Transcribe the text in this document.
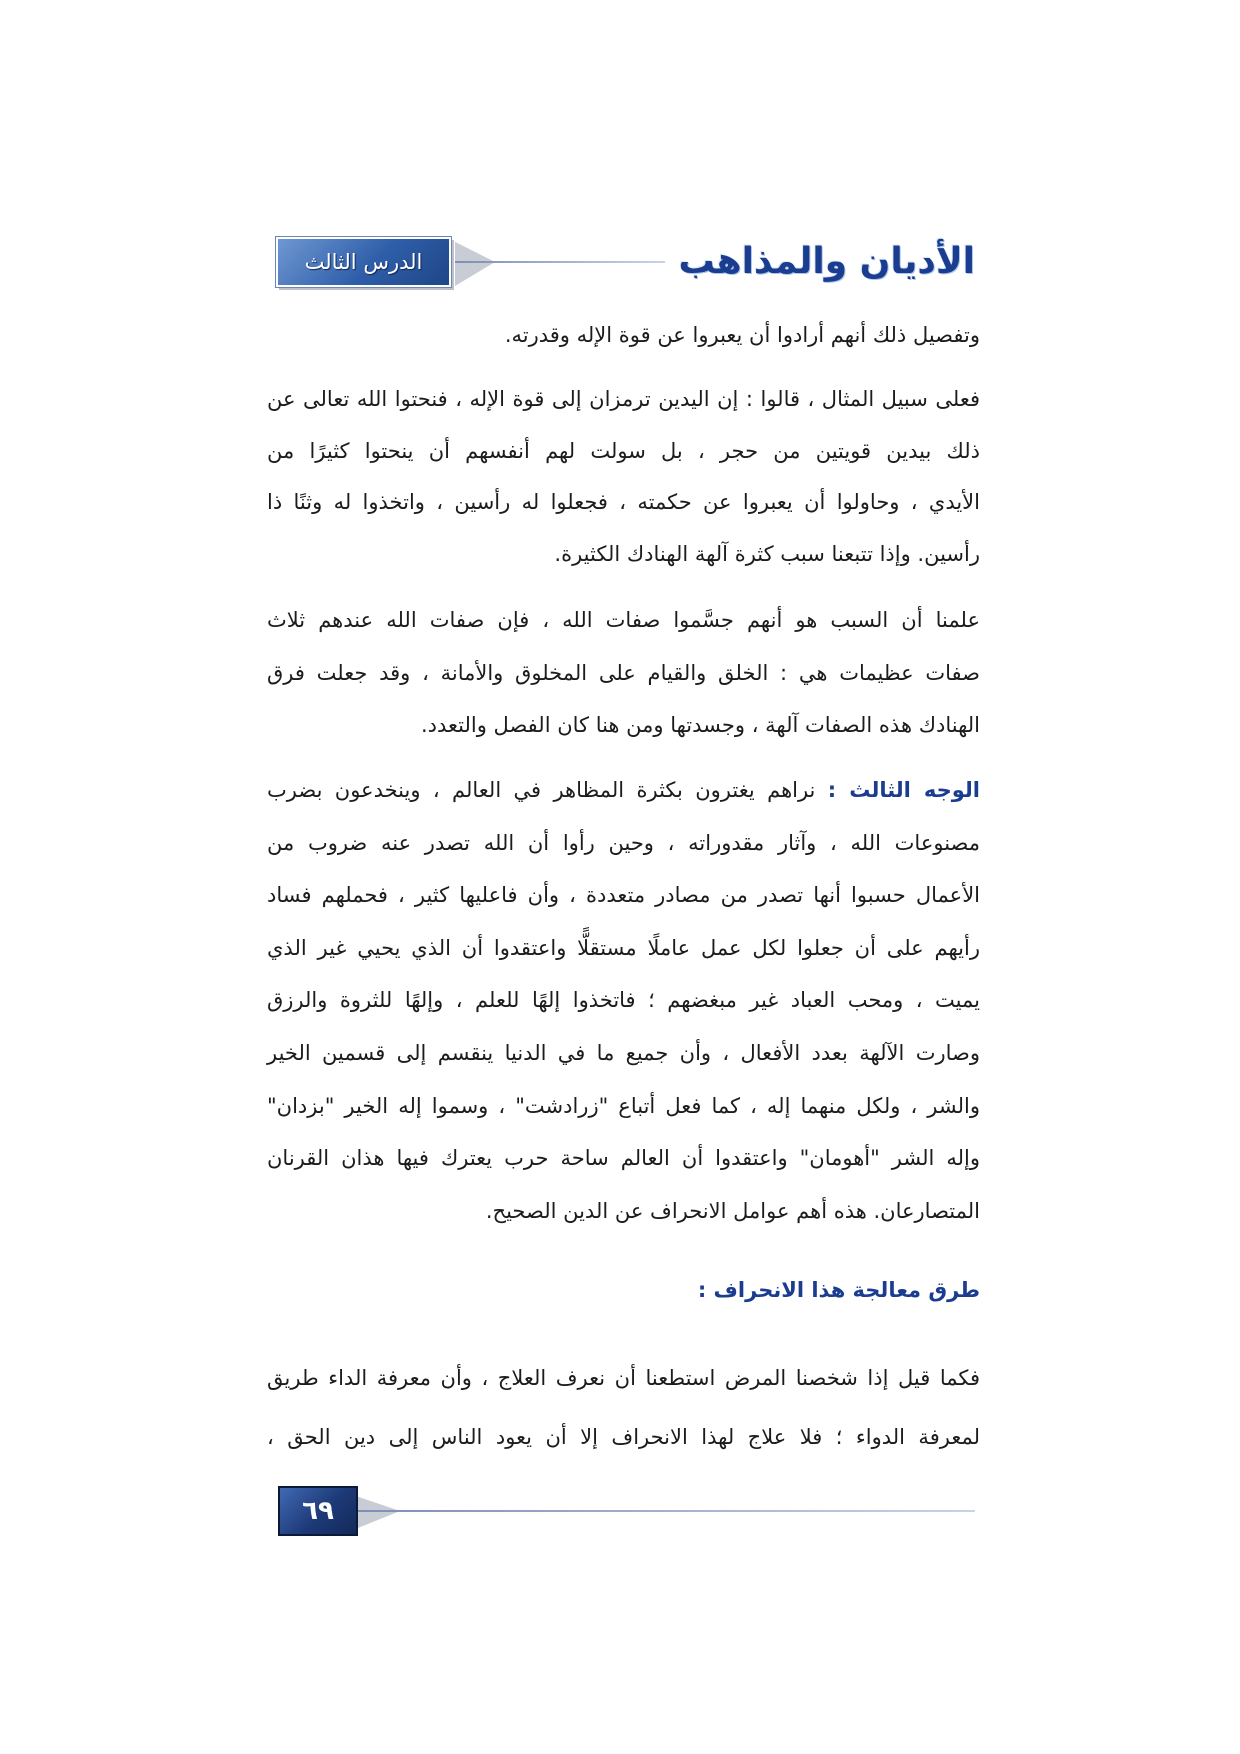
الدرس الثالث	الأديان والمذاهب
وتفصيل ذلك أنهم أرادوا أن يعبروا عن قوة الإله وقدرته.
فعلى سبيل المثال ، قالوا : إن اليدين ترمزان إلى قوة الإله ، فنحتوا الله تعالى عن
ذلك بيدين قويتين من حجر ، بل سولت لهم أنفسهم أن ينحتوا كثيرًا من
الأيدي ، وحاولوا أن يعبروا عن حكمته ، فجعلوا له رأسين ، واتخذوا له وثنًا ذا
رأسين. وإذا تتبعنا سبب كثرة آلهة الهنادك الكثيرة.
علمنا أن السبب هو أنهم جسَّموا صفات الله ، فإن صفات الله عندهم ثلاث
صفات عظيمات هي : الخلق والقيام على المخلوق والأمانة ، وقد جعلت فرق
الهنادك هذه الصفات آلهة ، وجسدتها ومن هنا كان الفصل والتعدد.
الوجه الثالث : نراهم يغترون بكثرة المظاهر في العالم ، وينخدعون بضرب
مصنوعات الله ، وآثار مقدوراته ، وحين رأوا أن الله تصدر عنه ضروب من
الأعمال حسبوا أنها تصدر من مصادر متعددة ، وأن فاعليها كثير ، فحملهم فساد
رأيهم على أن جعلوا لكل عمل عاملًا مستقلًّا واعتقدوا أن الذي يحيي غير الذي
يميت ، ومحب العباد غير مبغضهم ؛ فاتخذوا إلهًا للعلم ، وإلهًا للثروة والرزق
وصارت الآلهة بعدد الأفعال ، وأن جميع ما في الدنيا ينقسم إلى قسمين الخير
والشر ، ولكل منهما إله ، كما فعل أتباع "زرادشت" ، وسموا إله الخير "بزدان"
وإله الشر "أهومان" واعتقدوا أن العالم ساحة حرب يعترك فيها هذان القرنان
المتصارعان. هذه أهم عوامل الانحراف عن الدين الصحيح.
طرق معالجة هذا الانحراف :
فكما قيل إذا شخصنا المرض استطعنا أن نعرف العلاج ، وأن معرفة الداء طريق
لمعرفة الدواء ؛ فلا علاج لهذا الانحراف إلا أن يعود الناس إلى دين الحق ،
٦٩
